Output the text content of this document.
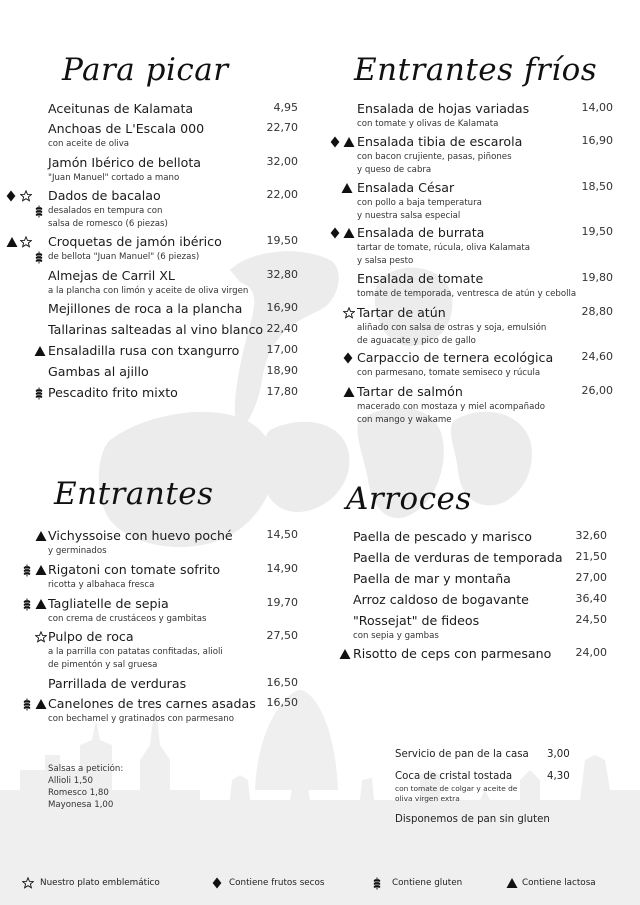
Para picar	Entrantes fríos
Entrantes	Arroces
Aceitunas de Kalamata	4,95
Anchoas de L'Escala 000	22,70
con aceite de oliva
Jamón Ibérico de bellota	32,00
"Juan Manuel" cortado a mano
Dados de bacalao	22,00
desalados en tempura con
salsa de romesco (6 piezas)
Croquetas de jamón ibérico	19,50
de bellota "Juan Manuel" (6 piezas)
Almejas de Carril XL	32,80
a la plancha con limón y aceite de oliva virgen
Mejillones de roca a la plancha	16,90
Tallarinas salteadas al vino blanco 22,40
Ensaladilla rusa con txangurro	17,00
Gambas al ajillo	18,90
Pescadito frito mixto	17,80
Ensalada de hojas variadas	14,00
con tomate y olivas de Kalamata
Ensalada tibia de escarola	16,90
con bacon crujiente, pasas, piñones
y queso de cabra
Ensalada César	18,50
con pollo a baja temperatura
y nuestra salsa especial
Ensalada de burrata	19,50
tartar de tomate, rúcula, oliva Kalamata
y salsa pesto
Ensalada de tomate	19,80
tomate de temporada, ventresca de atún y cebolla
Tartar de atún	28,80
aliñado con salsa de ostras y soja, emulsión
de aguacate y pico de gallo
Carpaccio de ternera ecológica	24,60
con parmesano, tomate semiseco y rúcula
Tartar de salmón	26,00
macerado con mostaza y miel acompañado
con mango y wakame
Vichyssoise con huevo poché	14,50
y germinados
Rigatoni con tomate sofrito	14,90
ricotta y albahaca fresca
Tagliatelle de sepia	19,70
con crema de crustáceos y gambitas
Pulpo de roca	27,50
a la parrilla con patatas confitadas, alioli
de pimentón y sal gruesa
Parrillada de verduras	16,50
Canelones de tres carnes asadas 16,50
con bechamel y gratinados con parmesano
Paella de pescado y marisco	32,60
Paella de verduras de temporada	21,50
Paella de mar y montaña	27,00
Arroz caldoso de bogavante	36,40
"Rossejat" de fideos	24,50
con sepia y gambas
Risotto de ceps con parmesano	24,00
Salsas a petición:
Allioli 1,50
Romesco 1,80
Mayonesa 1,00
Servicio de pan de la casa 3,00
Coca de cristal tostada	4,30
con tomate de colgar y aceite de
oliva virgen extra
Disponemos de pan sin gluten
Nuestro plato emblemático	Contiene frutos secos	Contiene gluten	Contiene lactosa
